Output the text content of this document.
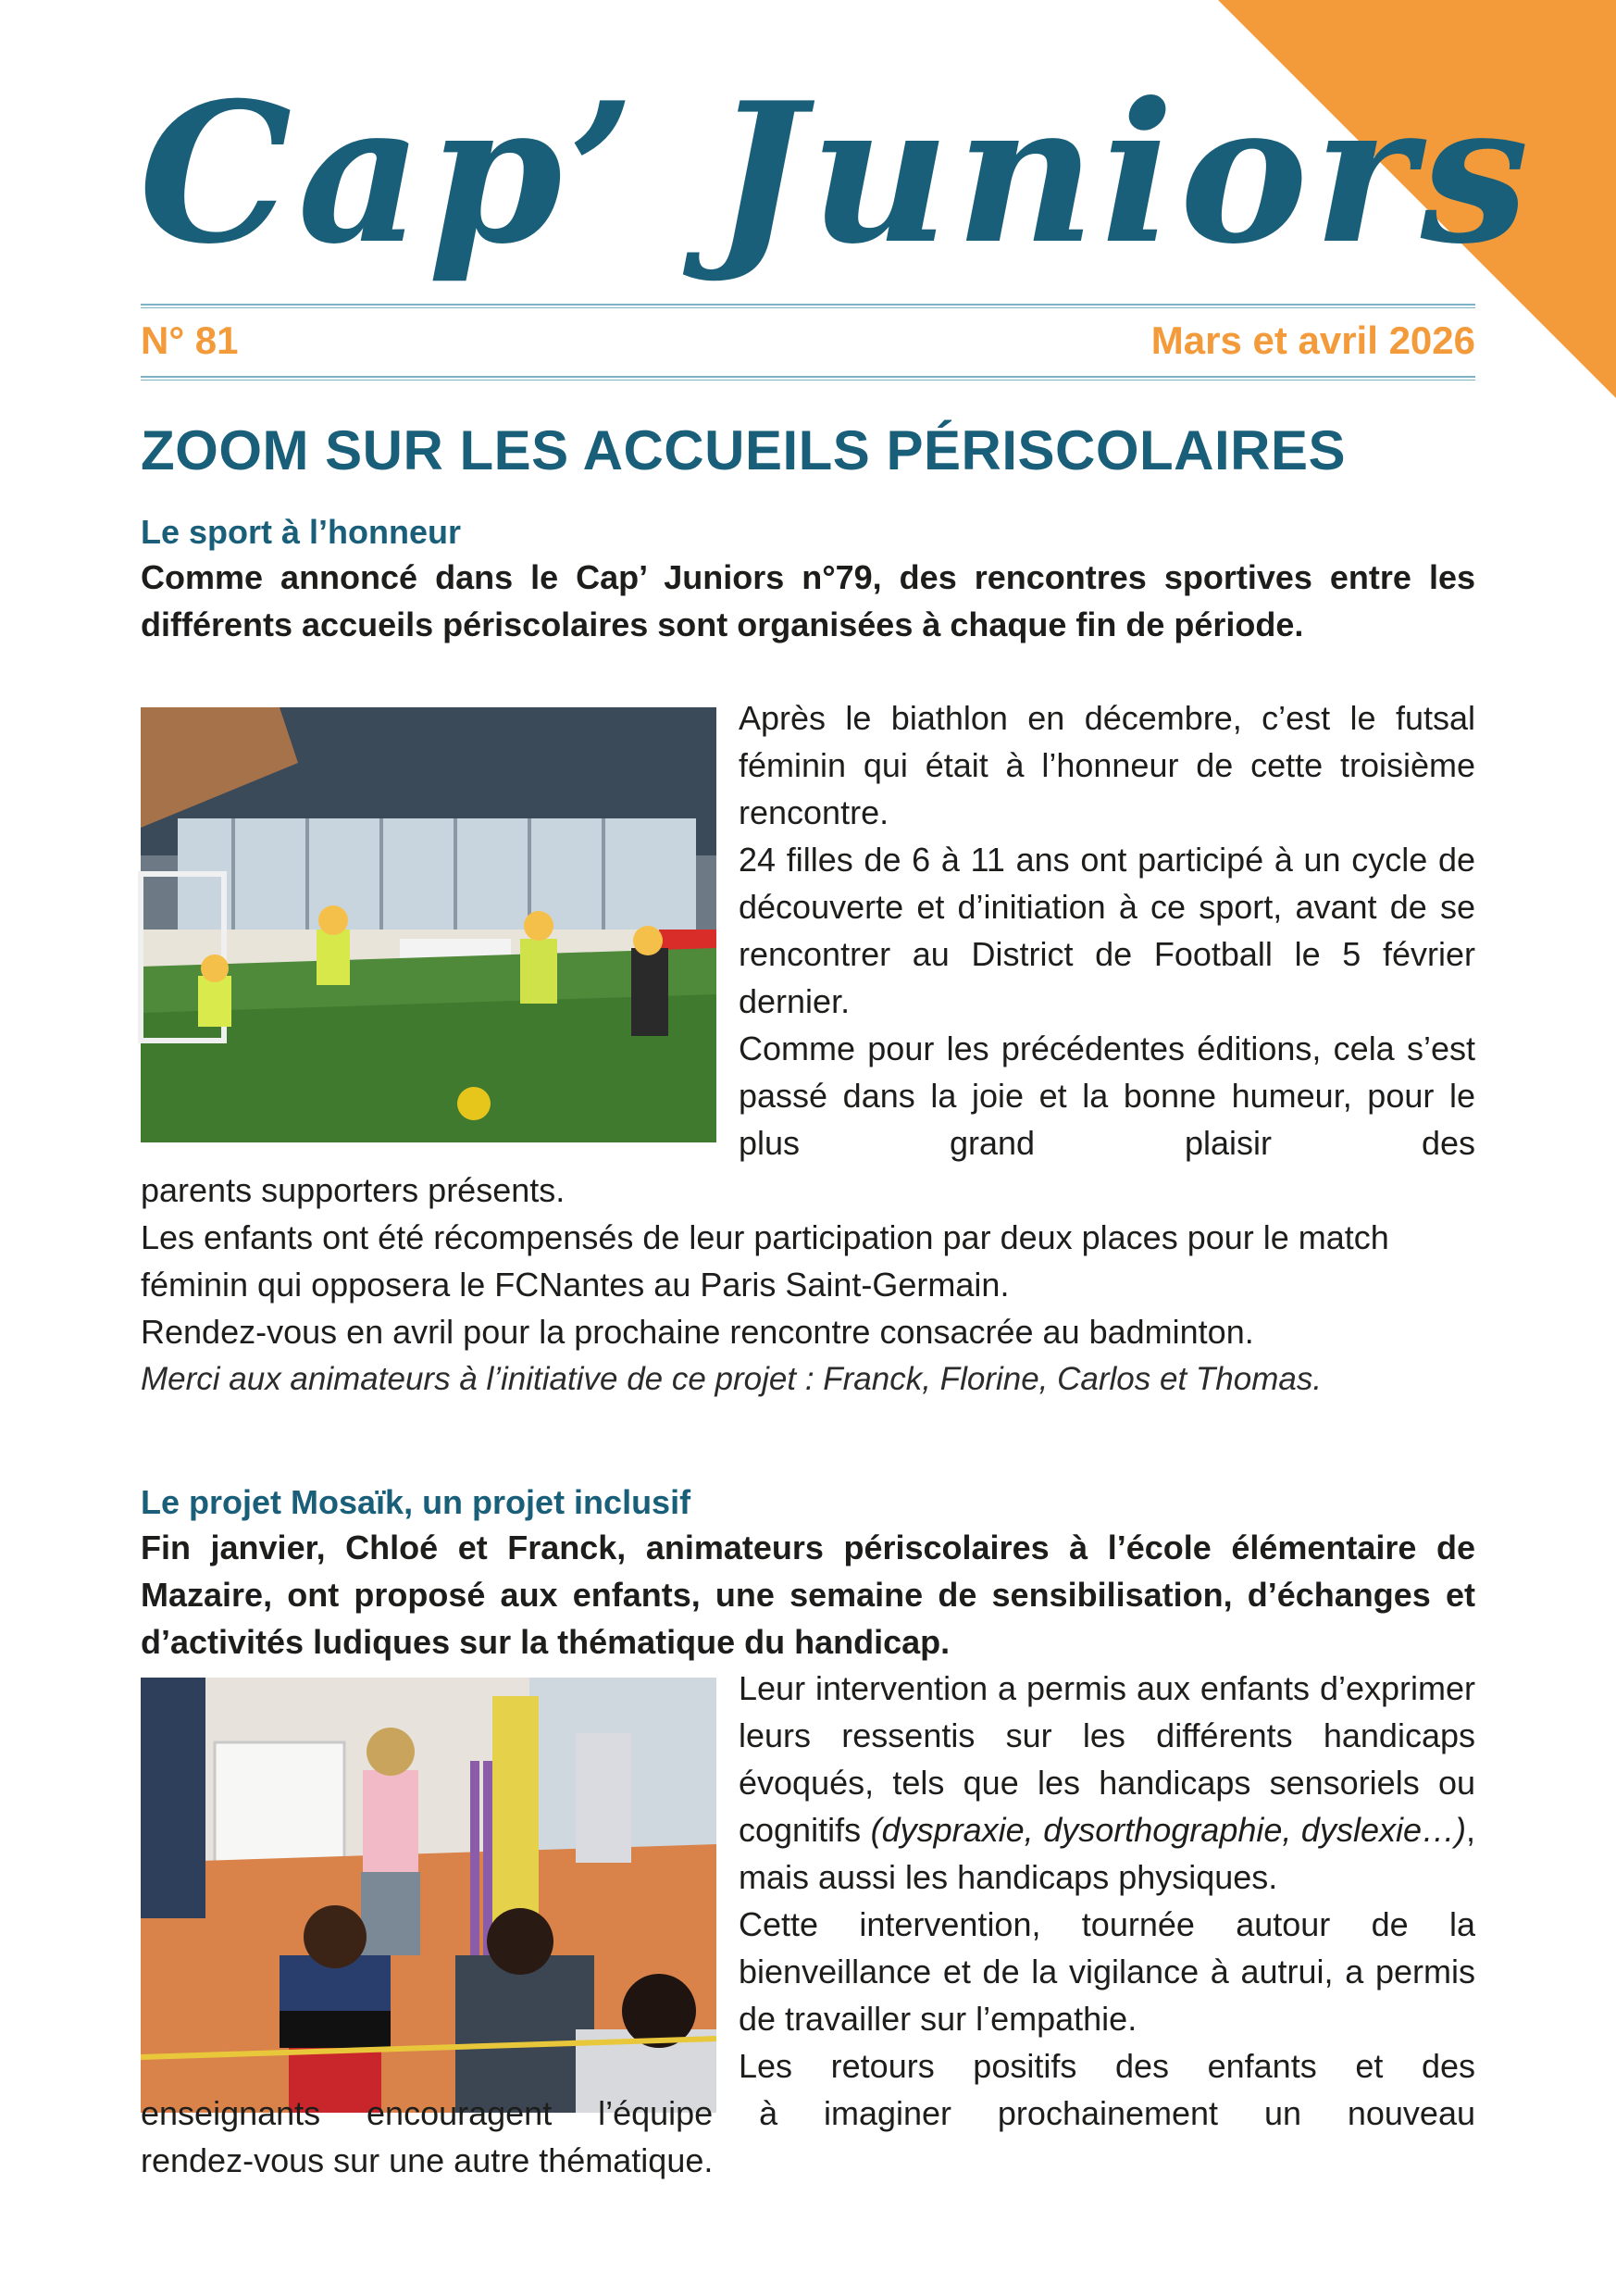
Cap’ Juniors
N° 81	Mars et avril 2026
ZOOM SUR LES ACCUEILS PÉRISCOLAIRES
Le sport à l’honneur

Comme annoncé dans le Cap’ Juniors n°79, des rencontres sportives entre les différents accueils périscolaires sont organisées à chaque fin de période.

Après le biathlon en décembre, c’est le futsal féminin qui était à l’honneur de cette troisième rencontre.

24 filles de 6 à 11 ans ont participé à un cycle de découverte et d’initiation à ce sport, avant de se rencontrer au District de Football le 5 février dernier.

Comme pour les précédentes éditions, cela s’est passé dans la joie et la bonne humeur, pour le plus grand plaisir des

parents supporters présents.

Les enfants ont été récompensés de leur participation par deux places pour le match féminin qui opposera le FCNantes au Paris Saint-Germain.

Rendez-vous en avril pour la prochaine rencontre consacrée au badminton.

Merci aux animateurs à l’initiative de ce projet : Franck, Florine, Carlos et Thomas.

Le projet Mosaïk, un projet inclusif

Fin janvier, Chloé et Franck, animateurs périscolaires à l’école élémentaire de Mazaire, ont proposé aux enfants, une semaine de sensibilisation, d’échanges et d’activités ludiques sur la thématique du handicap.

Leur intervention a permis aux enfants d’exprimer leurs ressentis sur les différents handicaps évoqués, tels que les handicaps sensoriels ou cognitifs (dyspraxie, dysorthographie, dyslexie…), mais aussi les handicaps physiques.

Cette intervention, tournée autour de la bienveillance et de la vigilance à autrui, a permis de travailler sur l’empathie.

Les retours positifs des enfants et des

enseignants encouragent l’équipe à imaginer prochainement un nouveau

rendez-vous sur une autre thématique.
